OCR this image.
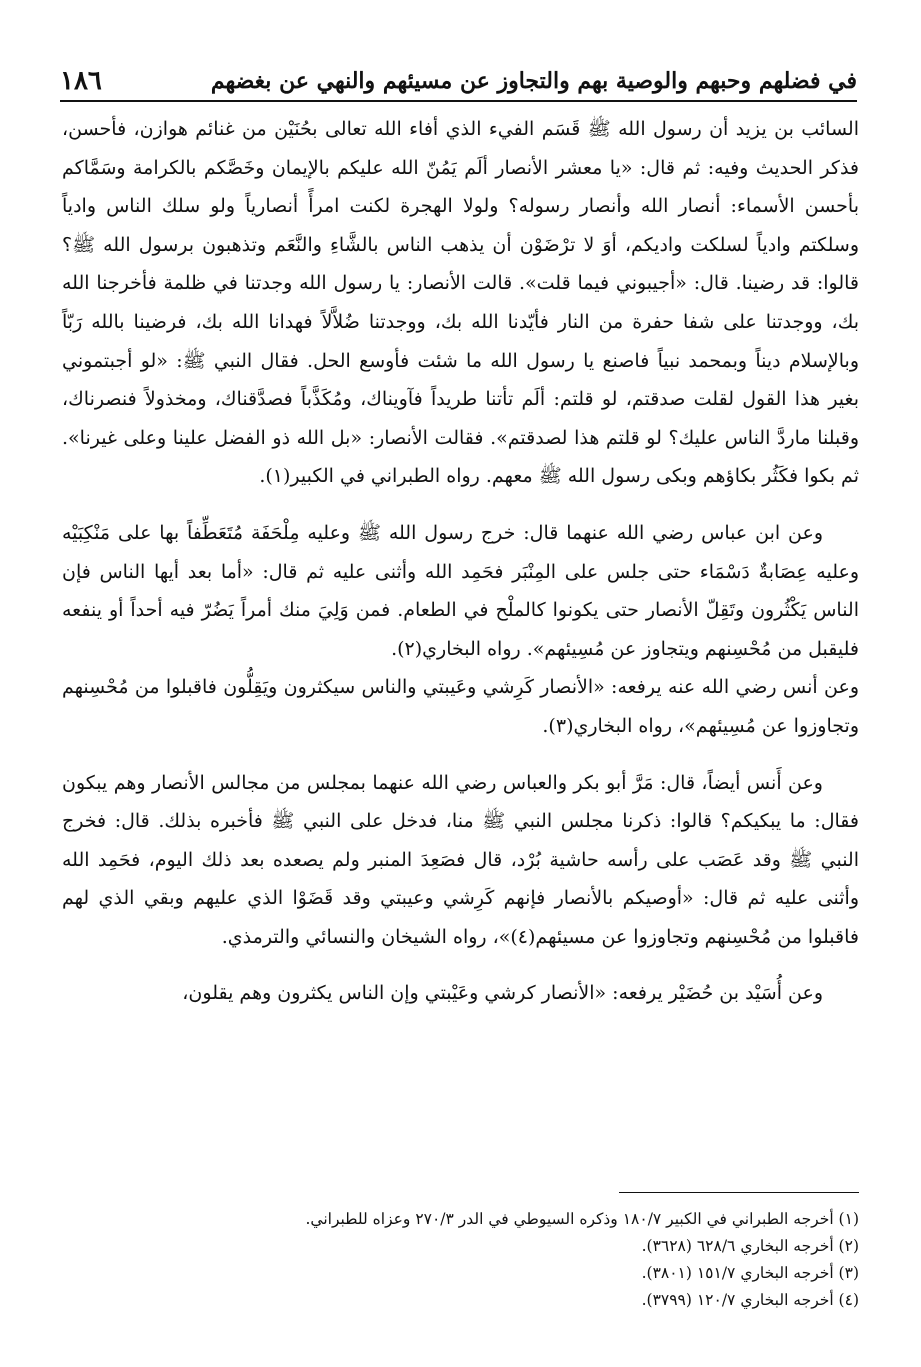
في فضلهم وحبهم والوصية بهم والتجاوز عن مسيئهم والنهي عن بغضهم
١٨٦

السائب بن يزيد أن رسول الله ﷺ قَسَم الفيء الذي أفاء الله تعالى بحُنَيْن من غنائم هوازن، فأحسن، فذكر الحديث وفيه: ثم قال: «يا معشر الأنصار ألَم يَمُنّ الله عليكم بالإيمان وخَصَّكم بالكرامة وسَمَّاكم بأحسن الأسماء: أنصار الله وأنصار رسوله؟ ولولا الهجرة لكنت امرأً أنصارياً ولو سلك الناس وادياً وسلكتم وادياً لسلكت واديكم، أوَ لا ترْضَوْن أن يذهب الناس بالشَّاءِ والنَّعَم وتذهبون برسول الله ﷺ؟ قالوا: قد رضينا. قال: «أجيبوني فيما قلت». قالت الأنصار: يا رسول الله وجدتنا في ظلمة فأخرجنا الله بك، ووجدتنا على شفا حفرة من النار فأيّدنا الله بك، ووجدتنا ضُلاَّلاً فهدانا الله بك، فرضينا بالله رَبّاً وبالإسلام ديناً وبمحمد نبياً فاصنع يا رسول الله ما شئت فأوسع الحل. فقال النبي ﷺ: «لو أجبتموني بغير هذا القول لقلت صدقتم، لو قلتم: ألَم تأتنا طريداً فآويناك، ومُكَذَّباً فصدَّقناك، ومخذولاً فنصرناك، وقبلنا ماردَّ الناس عليك؟ لو قلتم هذا لصدقتم». فقالت الأنصار: «بل الله ذو الفضل علينا وعلى غيرنا». ثم بكوا فكَثُر بكاؤهم وبكى رسول الله ﷺ معهم. رواه الطبراني في الكبير(١).

وعن ابن عباس رضي الله عنهما قال: خرج رسول الله ﷺ وعليه مِلْحَفَة مُتَعَطِّفاً بها على مَنْكِبَيْه وعليه عِصَابةٌ دَسْمَاء حتى جلس على المِنْبَر فحَمِد الله وأثنى عليه ثم قال: «أما بعد أيها الناس فإن الناس يَكْثُرون وتَقِلّ الأنصار حتى يكونوا كالملْح في الطعام. فمن وَلِيَ منك أمراً يَضُرّ فيه أحداً أو ينفعه فليقبل من مُحْسِنهم ويتجاوز عن مُسِيئهم». رواه البخاري(٢).

وعن أنس رضي الله عنه يرفعه: «الأنصار كَرِشي وعَيبتي والناس سيكثرون ويَقِلُّون فاقبلوا من مُحْسِنهم وتجاوزوا عن مُسِيئهم»، رواه البخاري(٣).

وعن أَنس أيضاً، قال: مَرَّ أبو بكر والعباس رضي الله عنهما بمجلس من مجالس الأنصار وهم يبكون فقال: ما يبكيكم؟ قالوا: ذكرنا مجلس النبي ﷺ منا، فدخل على النبي ﷺ فأخبره بذلك. قال: فخرج النبي ﷺ وقد عَصَب على رأسه حاشية بُرْد، قال فصَعِدَ المنبر ولم يصعده بعد ذلك اليوم، فحَمِد الله وأثنى عليه ثم قال: «أوصيكم بالأنصار فإنهم كَرِشي وعيبتي وقد قَضَوْا الذي عليهم وبقي الذي لهم فاقبلوا من مُحْسِنهم وتجاوزوا عن مسيئهم(٤)»، رواه الشيخان والنسائي والترمذي.

وعن أُسَيْد بن حُضَيْر يرفعه: «الأنصار كرشي وعَيْبتي وإن الناس يكثرون وهم يقلون،

(١) أخرجه الطبراني في الكبير ١٨٠/٧ وذكره السيوطي في الدر ٢٧٠/٣ وعزاه للطبراني.

(٢) أخرجه البخاري ٦٢٨/٦ (٣٦٢٨).

(٣) أخرجه البخاري ١٥١/٧ (٣٨٠١).

(٤) أخرجه البخاري ١٢٠/٧ (٣٧٩٩).
